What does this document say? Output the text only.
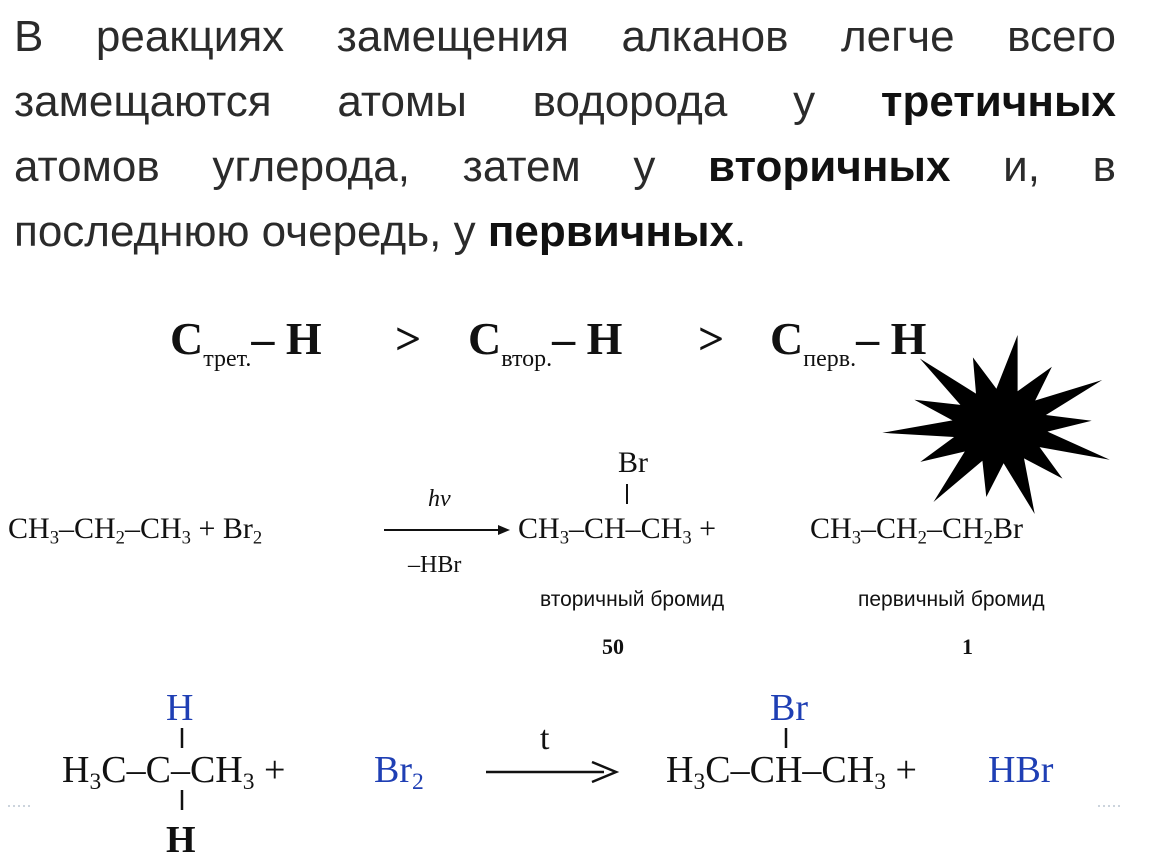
В реакциях замещения алканов легче всего
замещаются атомы водорода у третичных
атомов углерода, затем у вторичных и, в
последнюю очередь, у первичных.
$C_{трет.}-$ $H > C_{втор.}-$ $H > C_{перв.}-$ H
$CH_3-CH_2-CH_3 + Br_2$
hν
–HBr
Br
$CH_3-CH-CH_3$ +	$CH_3-CH_2-CH_2Br$
вторичный бромид	первичный бромид
50	1
H
$H_3C-C-CH_3 + Br_2$
H
t
Br
$H_3C-CH-CH_3$ + HBr
